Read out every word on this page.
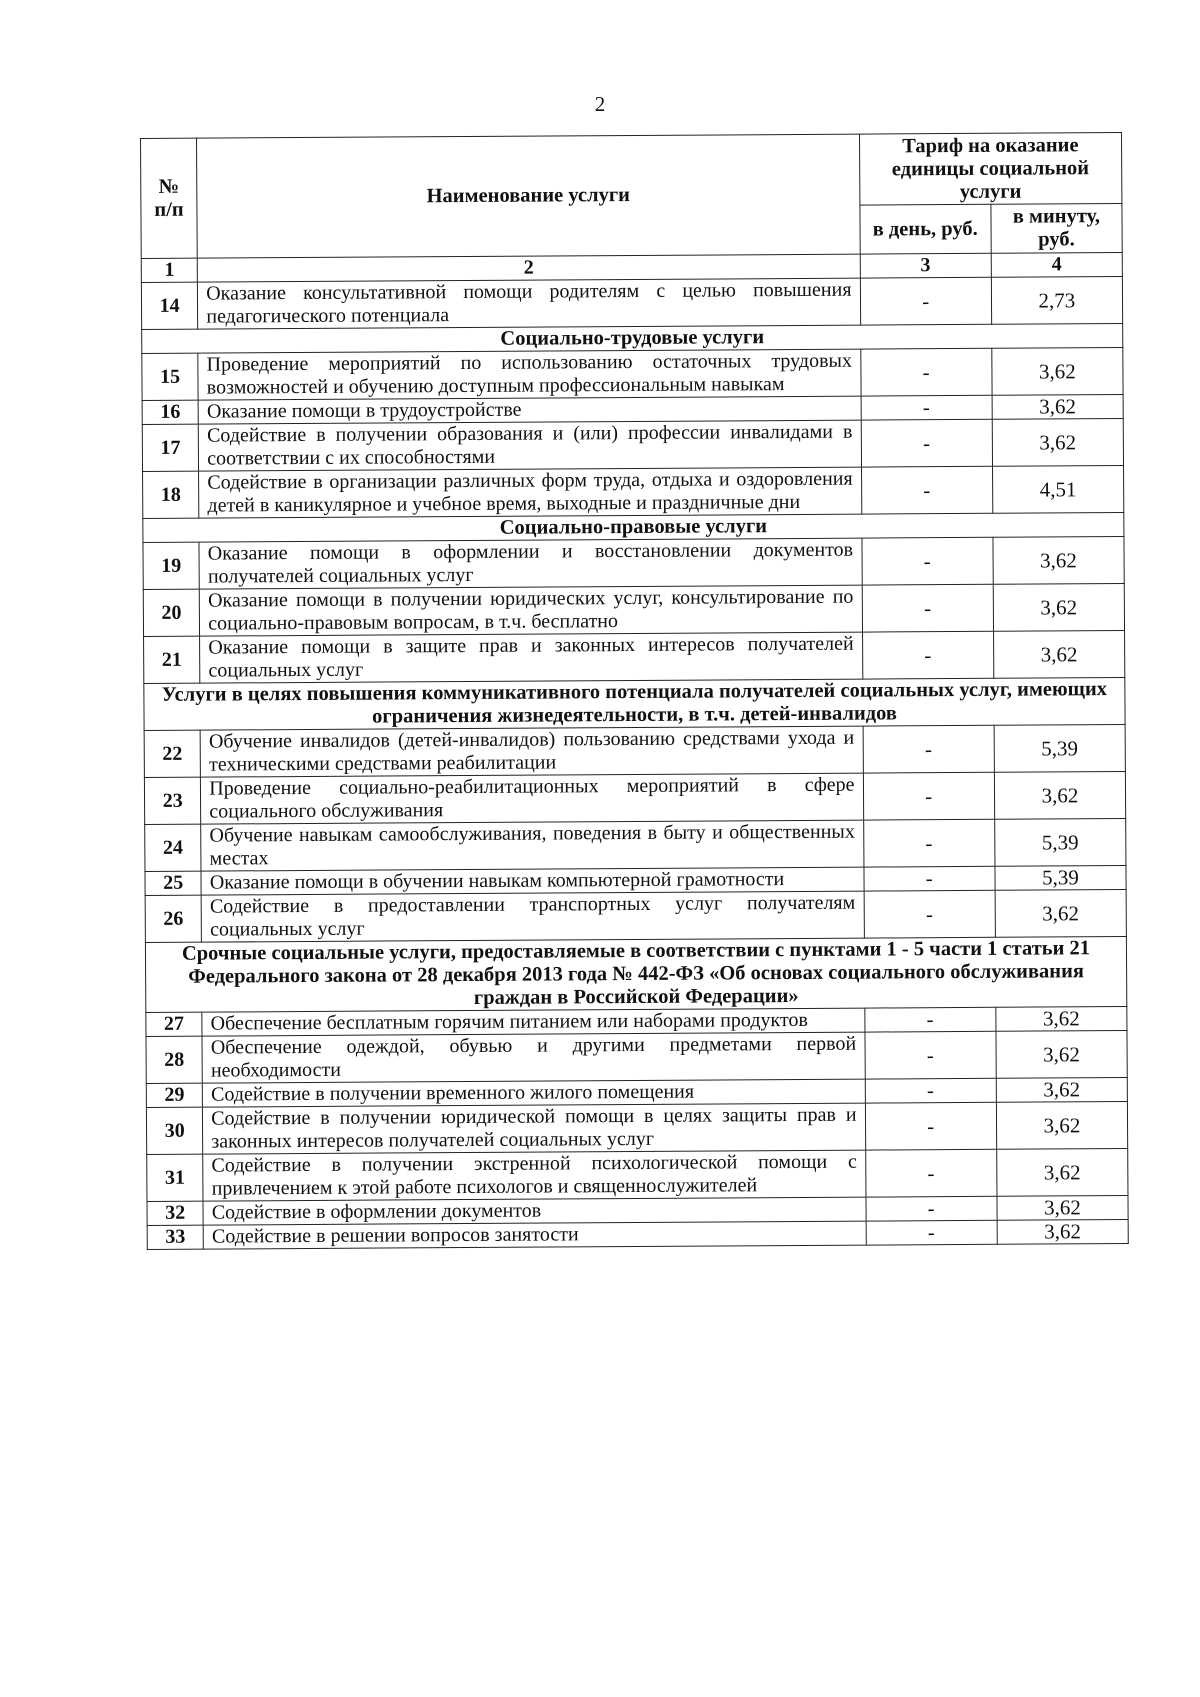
2
№ п/п	Наименование услуги	Тариф на оказание единицы социальной услуги	
		в день, руб.	в минуту, руб.
1	2	3	4
14	Оказание консультативной помощи родителям с целью повышения педагогического потенциала	-	2,73
Социально-трудовые услуги			
15	Проведение мероприятий по использованию остаточных трудовых возможностей и обучению доступным профессиональным навыкам	-	3,62
16	Оказание помощи в трудоустройстве	-	3,62
17	Содействие в получении образования и (или) профессии инвалидами в соответствии с их способностями	-	3,62
18	Содействие в организации различных форм труда, отдыха и оздоровления детей в каникулярное и учебное время, выходные и праздничные дни	-	4,51
Социально-правовые услуги			
19	Оказание помощи в оформлении и восстановлении документов получателей социальных услуг	-	3,62
20	Оказание помощи в получении юридических услуг, консультирование по социально-правовым вопросам, в т.ч. бесплатно	-	3,62
21	Оказание помощи в защите прав и законных интересов получателей социальных услуг	-	3,62
Услуги в целях повышения коммуникативного потенциала получателей социальных услуг, имеющих ограничения жизнедеятельности, в т.ч. детей-инвалидов			
22	Обучение инвалидов (детей-инвалидов) пользованию средствами ухода и техническими средствами реабилитации	-	5,39
23	Проведение социально-реабилитационных мероприятий в сфере социального обслуживания	-	3,62
24	Обучение навыкам самообслуживания, поведения в быту и общественных местах	-	5,39
25	Оказание помощи в обучении навыкам компьютерной грамотности	-	5,39
26	Содействие в предоставлении транспортных услуг получателям социальных услуг	-	3,62
Срочные социальные услуги, предоставляемые в соответствии с пунктами 1 - 5 части 1 статьи 21 Федерального закона от 28 декабря 2013 года № 442-ФЗ «Об основах социального обслуживания граждан в Российской Федерации»			
27	Обеспечение бесплатным горячим питанием или наборами продуктов	-	3,62
28	Обеспечение одеждой, обувью и другими предметами первой необходимости	-	3,62
29	Содействие в получении временного жилого помещения	-	3,62
30	Содействие в получении юридической помощи в целях защиты прав и законных интересов получателей социальных услуг	-	3,62
31	Содействие в получении экстренной психологической помощи с привлечением к этой работе психологов и священнослужителей	-	3,62
32	Содействие в оформлении документов	-	3,62
33	Содействие в решении вопросов занятости	-	3,62
